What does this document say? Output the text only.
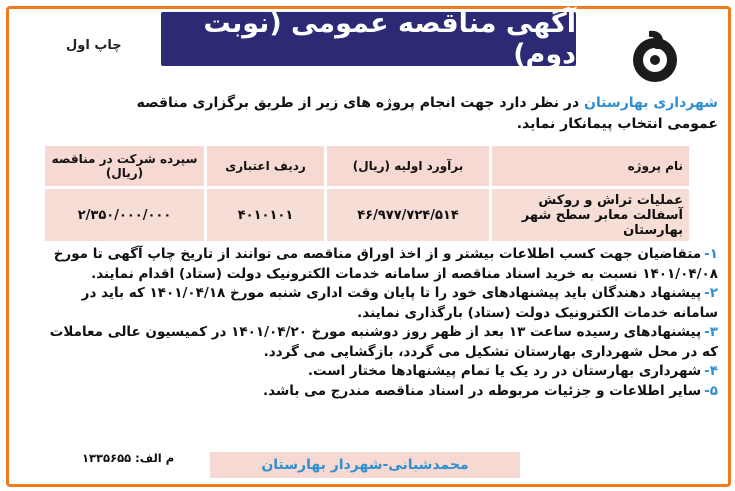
چاپ اول
آگهی مناقصه عمومی (نوبت دوم)
شهرداری بهارستان در نظر دارد جهت انجام پروژه های زیر از طریق برگزاری مناقصه عمومی انتخاب پیمانکار نماید.
نام پروژه	برآورد اولیه (ریال)	ردیف اعتباری	سپرده شرکت در مناقصه (ریال)
عملیات تراش و روکش آسفالت معابر سطح شهر بهارستان	۴۶/۹۷۷/۷۲۴/۵۱۴	۴۰۱۰۱۰۱	۲/۳۵۰/۰۰۰/۰۰۰
۱-متقاضیان جهت کسب اطلاعات بیشتر و از اخذ اوراق مناقصه می توانند از تاریخ چاپ آگهی تا مورخ ۱۴۰۱/۰۴/۰۸ نسبت به خرید اسناد مناقصه از سامانه خدمات الکترونیک دولت (ستاد) اقدام نمایند.
۲-پیشنهاد دهندگان باید پیشنهادهای خود را تا پایان وقت اداری شنبه مورخ ۱۴۰۱/۰۴/۱۸ که باید در سامانه خدمات الکترونیک دولت (ستاد) بارگذاری نمایند.
۳-پیشنهادهای رسیده ساعت ۱۳ بعد از ظهر روز دوشنبه مورخ ۱۴۰۱/۰۴/۲۰ در کمیسیون عالی معاملات که در محل شهرداری بهارستان تشکیل می گردد، بازگشایی می گردد.
۴-شهرداری بهارستان در رد یک یا تمام پیشنهادها مختار است.
۵-سایر اطلاعات و جزئیات مربوطه در اسناد مناقصه مندرج می باشد.
م الف: ۱۳۳۵۶۵۵	محمدشبانی-شهردار بهارستان
